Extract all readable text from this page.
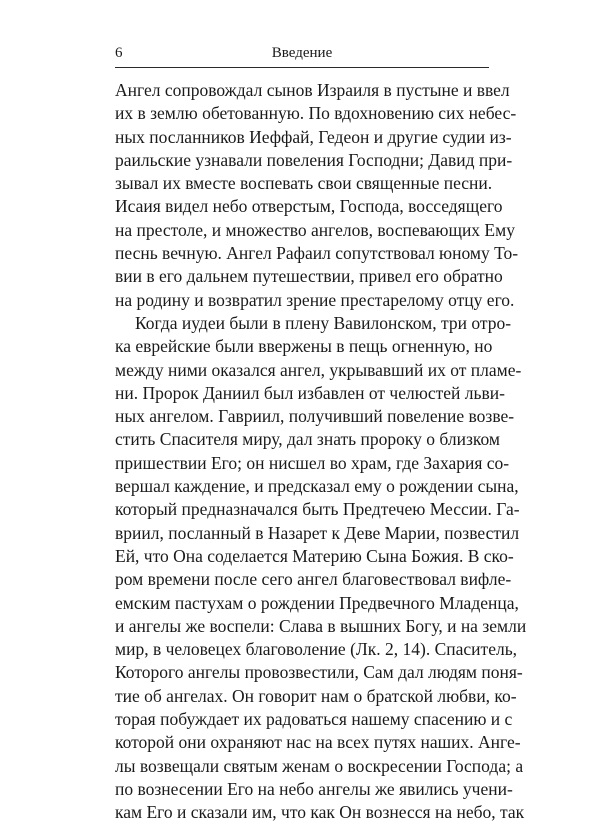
6	Введение
Ангел сопровождал сынов Израиля в пустыне и ввел
их в землю обетованную. По вдохновению сих небес-
ных посланников Иеффай, Гедеон и другие судии из-
раильские узнавали повеления Господни; Давид при-
зывал их вместе воспевать свои священные песни.
Исаия видел небо отверстым, Господа, восседящего
на престоле, и множество ангелов, воспевающих Ему
песнь вечную. Ангел Рафаил сопутствовал юному То-
вии в его дальнем путешествии, привел его обратно
на родину и возвратил зрение престарелому отцу его.
Когда иудеи были в плену Вавилонском, три отро-
ка еврейские были ввержены в пещь огненную, но
между ними оказался ангел, укрывавший их от пламе-
ни. Пророк Даниил был избавлен от челюстей льви-
ных ангелом. Гавриил, получивший повеление возве-
стить Спасителя миру, дал знать пророку о близком
пришествии Его; он нисшел во храм, где Захария со-
вершал каждение, и предсказал ему о рождении сына,
который предназначался быть Предтечею Мессии. Га-
вриил, посланный в Назарет к Деве Марии, позвестил
Ей, что Она соделается Материю Сына Божия. В ско-
ром времени после сего ангел благовествовал вифле-
емским пастухам о рождении Предвечного Младенца,
и ангелы же воспели: Слава в вышних Богу, и на земли
мир, в человецех благоволение (Лк. 2, 14). Спаситель,
Которого ангелы провозвестили, Сам дал людям поня-
тие об ангелах. Он говорит нам о братской любви, ко-
торая побуждает их радоваться нашему спасению и с
которой они охраняют нас на всех путях наших. Анге-
лы возвещали святым женам о воскресении Господа; а
по вознесении Его на небо ангелы же явились учени-
кам Его и сказали им, что как Он вознесся на небо, так
